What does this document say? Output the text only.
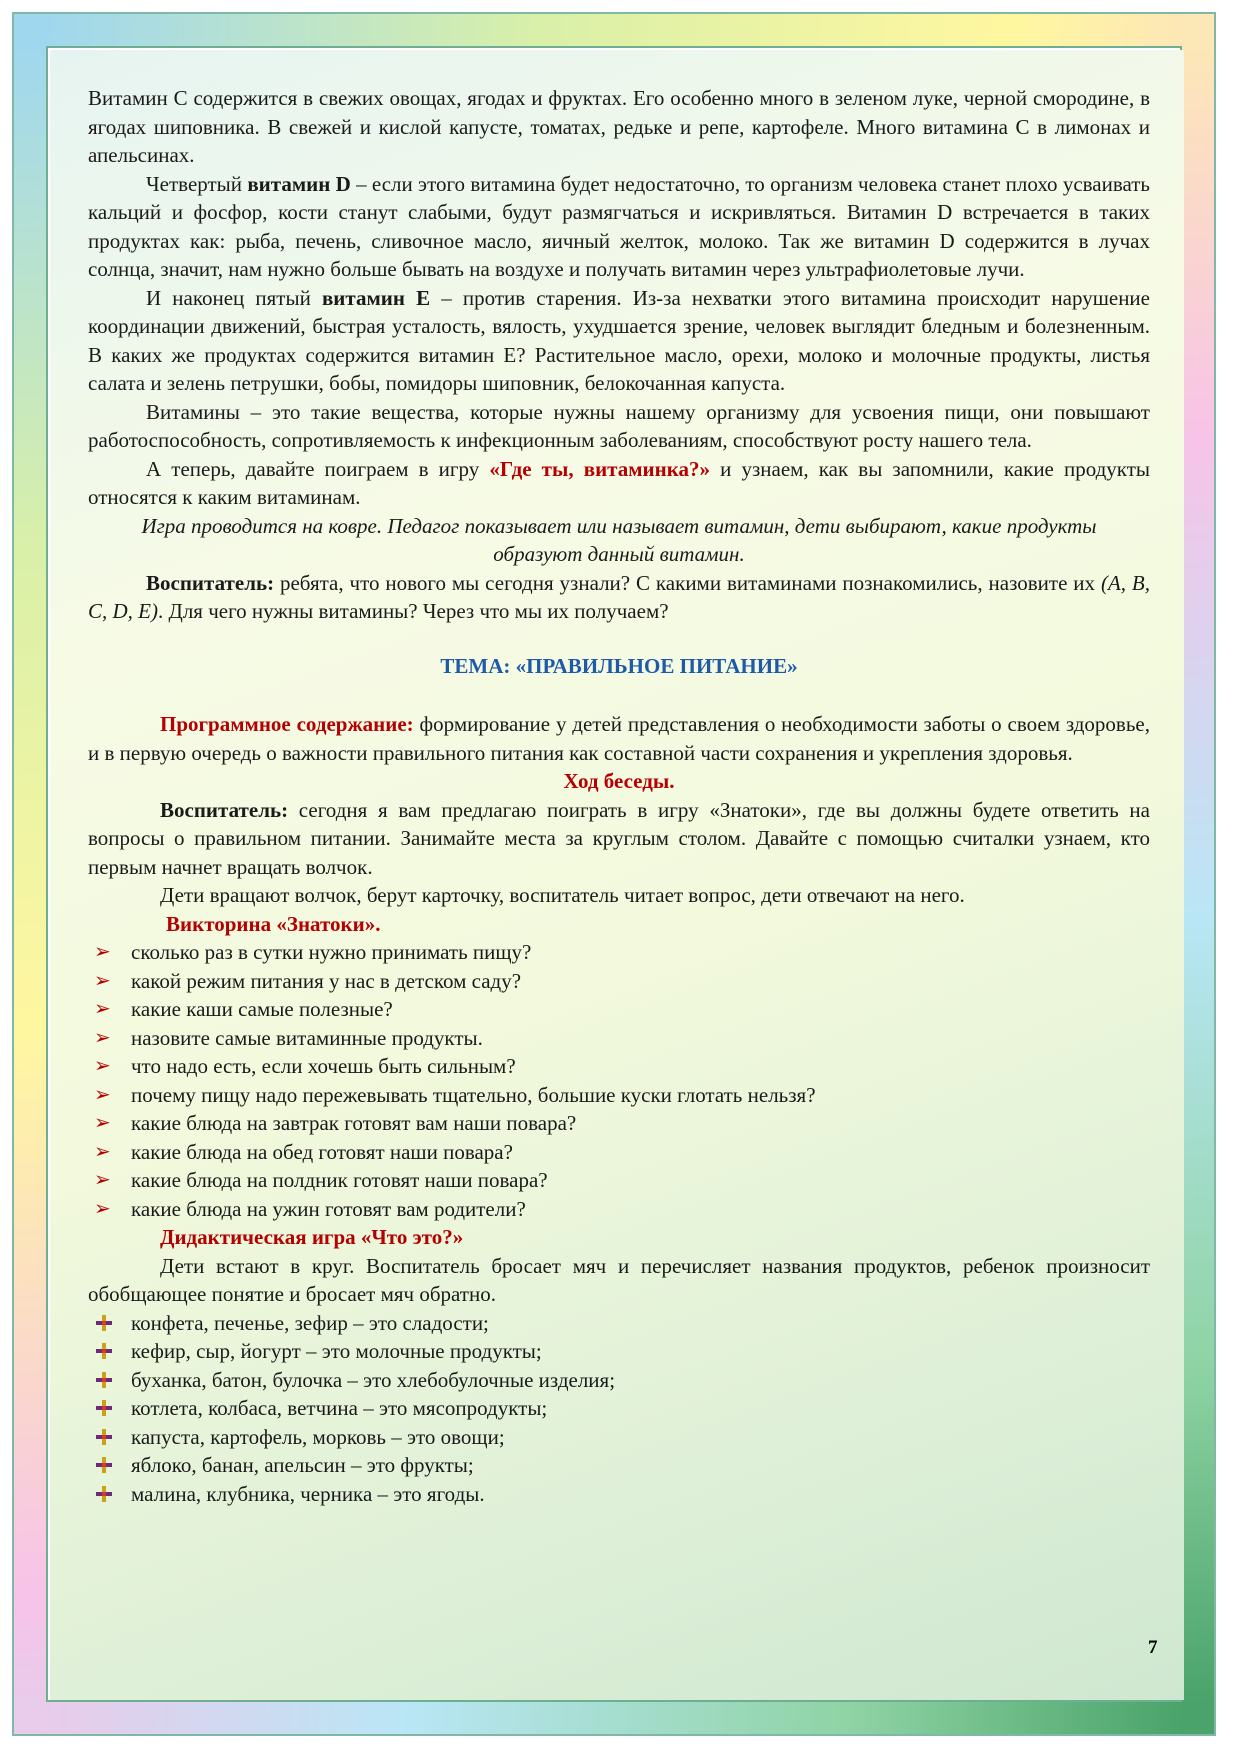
Витамин С содержится в свежих овощах, ягодах и фруктах. Его особенно много в зеленом луке, черной смородине, в ягодах шиповника. В свежей и кислой капусте, томатах, редьке и репе, картофеле. Много витамина С в лимонах и апельсинах.

Четвертый витамин D – если этого витамина будет недостаточно, то организм человека станет плохо усваивать кальций и фосфор, кости станут слабыми, будут размягчаться и искривляться. Витамин D встречается в таких продуктах как: рыба, печень, сливочное масло, яичный желток, молоко. Так же витамин D содержится в лучах солнца, значит, нам нужно больше бывать на воздухе и получать витамин через ультрафиолетовые лучи.

И наконец пятый витамин Е – против старения. Из-за нехватки этого витамина происходит нарушение координации движений, быстрая усталость, вялость, ухудшается зрение, человек выглядит бледным и болезненным. В каких же продуктах содержится витамин Е? Растительное масло, орехи, молоко и молочные продукты, листья салата и зелень петрушки, бобы, помидоры шиповник, белокочанная капуста.

Витамины – это такие вещества, которые нужны нашему организму для усвоения пищи, они повышают работоспособность, сопротивляемость к инфекционным заболеваниям, способствуют росту нашего тела.

А теперь, давайте поиграем в игру «Где ты, витаминка?» и узнаем, как вы запомнили, какие продукты относятся к каким витаминам.

Игра проводится на ковре. Педагог показывает или называет витамин, дети выбирают, какие продукты образуют данный витамин.

Воспитатель: ребята, что нового мы сегодня узнали? С какими витаминами познакомились, назовите их (А, В, С, D, Е). Для чего нужны витамины? Через что мы их получаем?

ТЕМА: «ПРАВИЛЬНОЕ ПИТАНИЕ»

Программное содержание: формирование у детей представления о необходимости заботы о своем здоровье, и в первую очередь о важности правильного питания как составной части сохранения и укрепления здоровья.

Ход беседы.

Воспитатель: сегодня я вам предлагаю поиграть в игру «Знатоки», где вы должны будете ответить на вопросы о правильном питании. Занимайте места за круглым столом. Давайте с помощью считалки узнаем, кто первым начнет вращать волчок.

Дети вращают волчок, берут карточку, воспитатель читает вопрос, дети отвечают на него.

Викторина «Знатоки».

➢ сколько раз в сутки нужно принимать пищу?
➢ какой режим питания у нас в детском саду?
➢ какие каши самые полезные?
➢ назовите самые витаминные продукты.
➢ что надо есть, если хочешь быть сильным?
➢ почему пищу надо пережевывать тщательно, большие куски глотать нельзя?
➢ какие блюда на завтрак готовят вам наши повара?
➢ какие блюда на обед готовят наши повара?
➢ какие блюда на полдник готовят наши повара?
➢ какие блюда на ужин готовят вам родители?

Дидактическая игра «Что это?»

Дети встают в круг. Воспитатель бросает мяч и перечисляет названия продуктов, ребенок произносит обобщающее понятие и бросает мяч обратно.

конфета, печенье, зефир – это сладости;
кефир, сыр, йогурт – это молочные продукты;
буханка, батон, булочка – это хлебобулочные изделия;
котлета, колбаса, ветчина – это мясопродукты;
капуста, картофель, морковь – это овощи;
яблоко, банан, апельсин – это фрукты;
малина, клубника, черника – это ягоды.
7
